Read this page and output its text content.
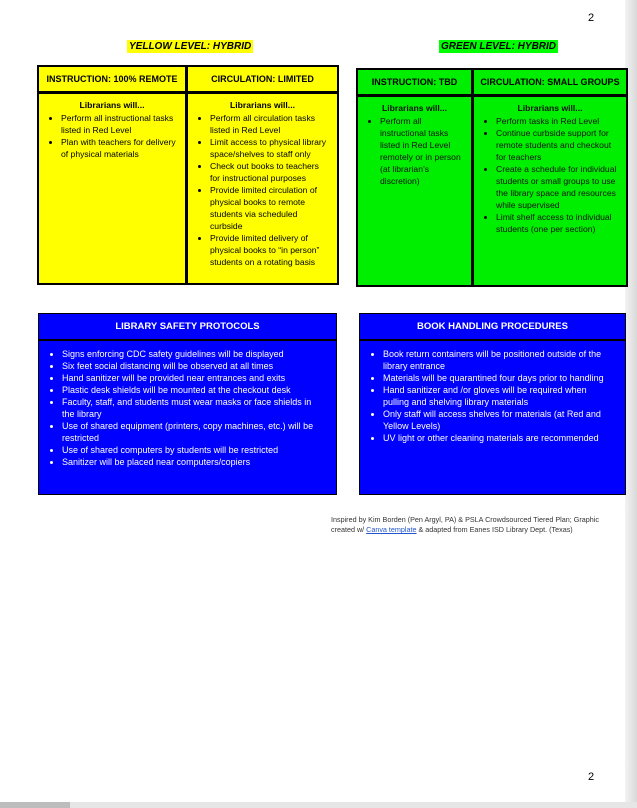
2
YELLOW LEVEL: HYBRID	GREEN LEVEL: HYBRID
INSTRUCTION: 100% REMOTE
Librarians will...
• Perform all instructional tasks listed in Red Level
• Plan with teachers for delivery of physical materials
CIRCULATION: LIMITED
Librarians will...
• Perform all circulation tasks listed in Red Level
• Limit access to physical library space/shelves to staff only
• Check out books to teachers for instructional purposes
• Provide limited circulation of physical books to remote students via scheduled curbside
• Provide limited delivery of physical books to “in person” students on a rotating basis
INSTRUCTION: TBD
Librarians will...
• Perform all instructional tasks listed in Red Level remotely or in person (at librarian’s discretion)
CIRCULATION: SMALL GROUPS
Librarians will...
• Perform tasks in Red Level
• Continue curbside support for remote students and checkout for teachers
• Create a schedule for individual students or small groups to use the library space and resources while supervised
• Limit shelf access to individual students (one per section)
LIBRARY SAFETY PROTOCOLS
• Signs enforcing CDC safety guidelines will be displayed
• Six feet social distancing will be observed at all times
• Hand sanitizer will be provided near entrances and exits
• Plastic desk shields will be mounted at the checkout desk
• Faculty, staff, and students must wear masks or face shields in the library
• Use of shared equipment (printers, copy machines, etc.) will be restricted
• Use of shared computers by students will be restricted
• Sanitizer will be placed near computers/copiers
BOOK HANDLING PROCEDURES
• Book return containers will be positioned outside of the library entrance
• Materials will be quarantined four days prior to handling
• Hand sanitizer and /or gloves will be required when pulling and shelving library materials
• Only staff will access shelves for materials (at Red and Yellow Levels)
• UV light or other cleaning materials are recommended
Inspired by Kim Borden (Pen Argyl, PA) & PSLA Crowdsourced Tiered Plan; Graphic created w/ Canva template & adapted from Eanes ISD Library Dept. (Texas)
2
